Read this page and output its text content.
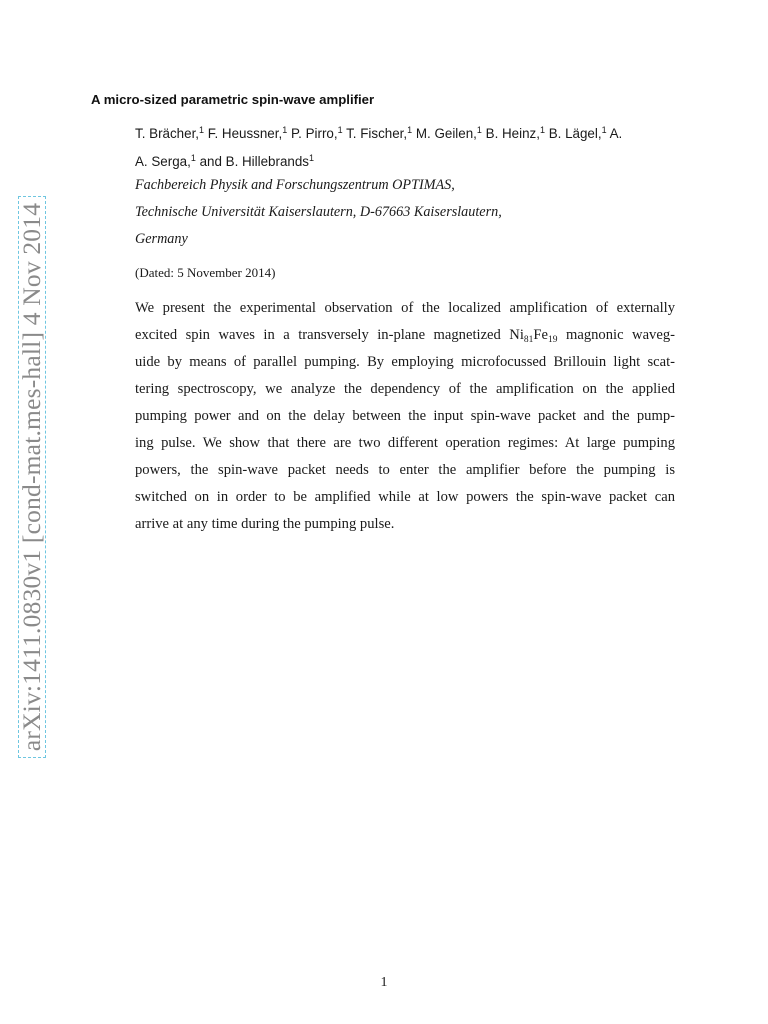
arXiv:1411.0830v1 [cond-mat.mes-hall] 4 Nov 2014
A micro-sized parametric spin-wave amplifier
T. Brächer,$^1$ F. Heussner,$^1$ P. Pirro,$^1$ T. Fischer,$^1$ M. Geilen,$^1$ B. Heinz,$^1$ B. Lägel,$^1$ A.
A. Serga,$^1$ and B. Hillebrands$^1$
Fachbereich Physik and Forschungszentrum OPTIMAS,
Technische Universität Kaiserslautern, D-67663 Kaiserslautern,
Germany
(Dated: 5 November 2014)
We present the experimental observation of the localized amplification of externally
excited spin waves in a transversely in-plane magnetized $Ni_{81}Fe_{19}$ magnonic waveg-
uide by means of parallel pumping. By employing microfocussed Brillouin light scat-
tering spectroscopy, we analyze the dependency of the amplification on the applied
pumping power and on the delay between the input spin-wave packet and the pump-
ing pulse. We show that there are two different operation regimes: At large pumping
powers, the spin-wave packet needs to enter the amplifier before the pumping is
switched on in order to be amplified while at low powers the spin-wave packet can
arrive at any time during the pumping pulse.
1
